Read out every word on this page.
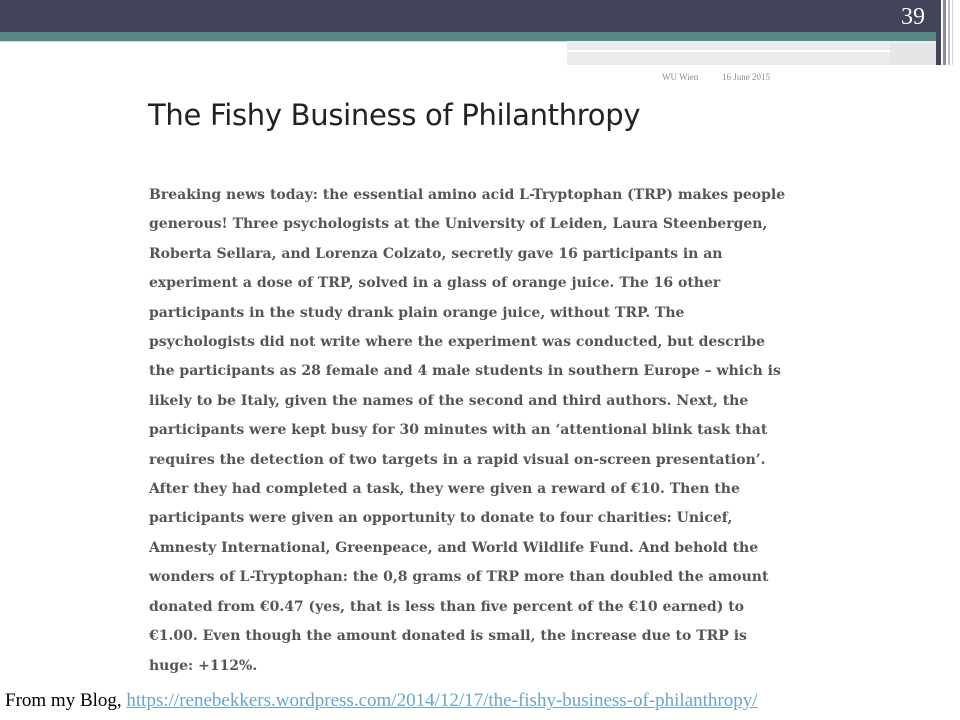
39
WU Wien	16 June 2015
The Fishy Business of Philanthropy
Breaking news today: the essential amino acid L-Tryptophan (TRP) makes people
generous! Three psychologists at the University of Leiden, Laura Steenbergen,
Roberta Sellara, and Lorenza Colzato, secretly gave 16 participants in an
experiment a dose of TRP, solved in a glass of orange juice. The 16 other
participants in the study drank plain orange juice, without TRP. The
psychologists did not write where the experiment was conducted, but describe
the participants as 28 female and 4 male students in southern Europe – which is
likely to be Italy, given the names of the second and third authors. Next, the
participants were kept busy for 30 minutes with an ‘attentional blink task that
requires the detection of two targets in a rapid visual on-screen presentation’.
After they had completed a task, they were given a reward of €10. Then the
participants were given an opportunity to donate to four charities: Unicef,
Amnesty International, Greenpeace, and World Wildlife Fund. And behold the
wonders of L-Tryptophan: the 0,8 grams of TRP more than doubled the amount
donated from €0.47 (yes, that is less than five percent of the €10 earned) to
€1.00. Even though the amount donated is small, the increase due to TRP is
huge: +112%.
From my Blog, https://renebekkers.wordpress.com/2014/12/17/the-fishy-business-of-philanthropy/
